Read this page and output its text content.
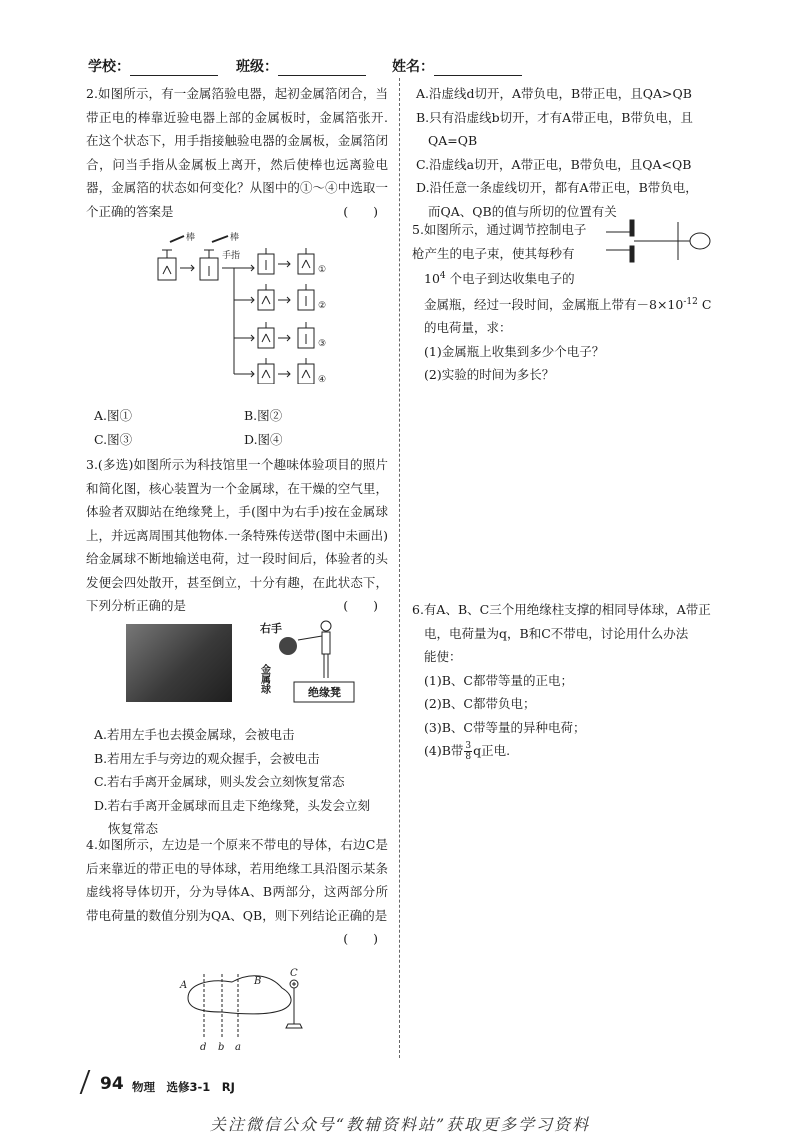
学校：	班级：	姓名：
2.如图所示，有一金属箔验电器，起初金属箔闭合，当带正电的棒靠近验电器上部的金属板时，金属箔张开.在这个状态下，用手指接触验电器的金属板，金属箔闭合，问当手指从金属板上离开，然后使棒也远离验电器，金属箔的状态如何变化？从图中的①～④中选取一个正确的答案是	(　　)
棒	棒
手指
①
②
③
④
A.图①	B.图②
C.图③	D.图④
3.(多选)如图所示为科技馆里一个趣味体验项目的照片和简化图，核心装置为一个金属球，在干燥的空气里，体验者双脚站在绝缘凳上，手(图中为右手)按在金属球上，并远离周围其他物体.一条特殊传送带(图中未画出)给金属球不断地输送电荷，过一段时间后，体验者的头发便会四处散开，甚至倒立，十分有趣，在此状态下，下列分析正确的是	(　　)
右手
金属球	绝缘凳
A.若用左手也去摸金属球，会被电击
B.若用左手与旁边的观众握手，会被电击
C.若右手离开金属球，则头发会立刻恢复常态
D.若右手离开金属球而且走下绝缘凳，头发会立刻
恢复常态
4.如图所示，左边是一个原来不带电的导体，右边C是后来靠近的带正电的导体球，若用绝缘工具沿图示某条虚线将导体切开，分为导体A、B两部分，这两部分所带电荷量的数值分别为QA、QB，则下列结论正确的是
(　　)
A	B
C
d b a
A.沿虚线d切开，A带负电，B带正电，且QA>QB
B.只有沿虚线b切开，才有A带正电，B带负电，且
QA=QB
C.沿虚线a切开，A带正电，B带负电，且QA<QB
D.沿任意一条虚线切开，都有A带正电，B带负电，
而QA、QB的值与所切的位置有关
5.如图所示，通过调节控制电子
枪产生的电子束，使其每秒有
$10^4$ 个电子到达收集电子的
金属瓶，经过一段时间，金属瓶上带有$-8\times 10^{-12}$ C
的电荷量，求：
(1)金属瓶上收集到多少个电子？
(2)实验的时间为多长？
6.有A、B、C三个用绝缘柱支撑的相同导体球，A带正
电，电荷量为q，B和C不带电，讨论用什么办法
能使：
(1)B、C都带等量的正电；
(2)B、C都带负电；
(3)B、C带等量的异种电荷；
(4)B带 $\frac{3}{8}$ q正电.
94 物理　选修3-1　RJ
关注微信公众号“教辅资料站”获取更多学习资料
